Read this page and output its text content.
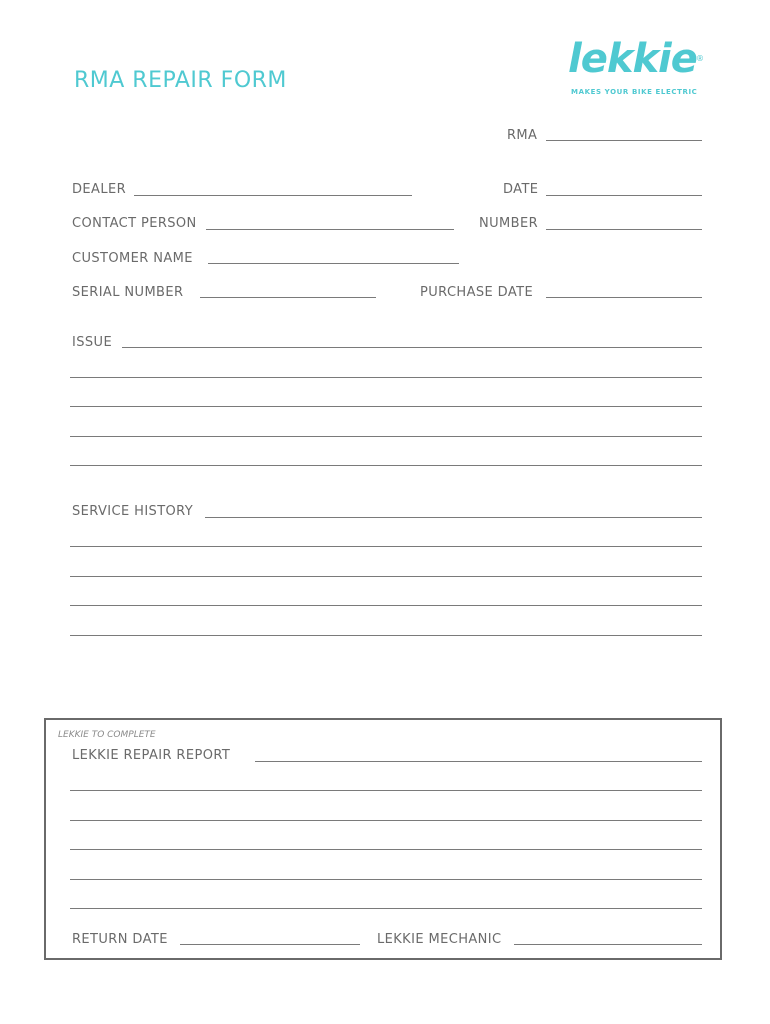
RMA REPAIR FORM	lekkie ®
MAKES YOUR BIKE ELECTRIC
RMA
DEALER	DATE
CONTACT PERSON	NUMBER
CUSTOMER NAME
SERIAL NUMBER	PURCHASE DATE
ISSUE
SERVICE HISTORY
LEKKIE TO COMPLETE
LEKKIE REPAIR REPORT
RETURN DATE	LEKKIE MECHANIC
